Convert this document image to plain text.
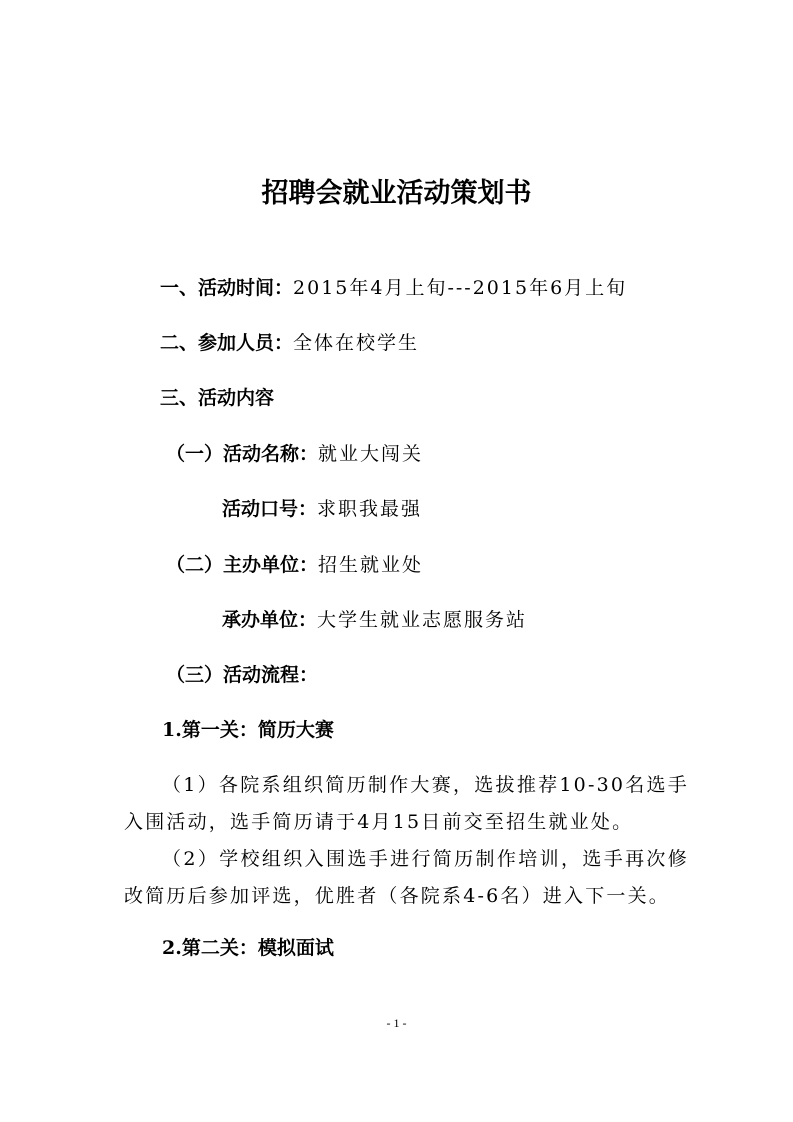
招聘会就业活动策划书
一、活动时间：2015年4月上旬---2015年6月上旬
二、参加人员：全体在校学生
三、活动内容
（一）活动名称：就业大闯关
活动口号：求职我最强
（二）主办单位：招生就业处
承办单位：大学生就业志愿服务站
（三）活动流程：
1.第一关：简历大赛
（1）各院系组织简历制作大赛，选拔推荐10-30名选手入围活动，选手简历请于4月15日前交至招生就业处。
（2）学校组织入围选手进行简历制作培训，选手再次修改简历后参加评选，优胜者（各院系4-6名）进入下一关。
2.第二关：模拟面试
- 1 -
